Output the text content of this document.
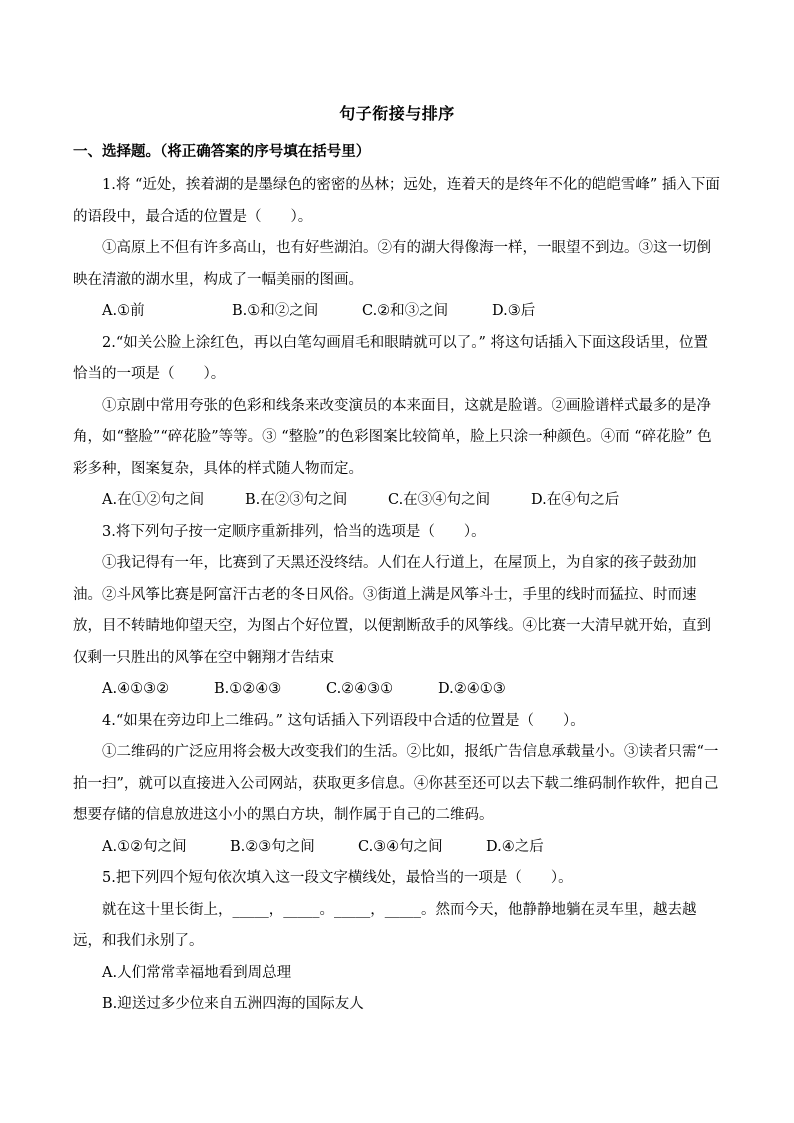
句子衔接与排序
一、选择题。（将正确答案的序号填在括号里）

1.将 “近处，挨着湖的是墨绿色的密密的丛林；远处，连着天的是终年不化的皑皑雪峰” 插入下面的语段中，最合适的位置是（　　）。

①高原上不但有许多高山，也有好些湖泊。②有的湖大得像海一样，一眼望不到边。③这一切倒映在清澈的湖水里，构成了一幅美丽的图画。

A.①前	B.①和②之间	C.②和③之间	D.③后

2.“如关公脸上涂红色，再以白笔勾画眉毛和眼睛就可以了。” 将这句话插入下面这段话里，位置恰当的一项是（　　）。

①京剧中常用夸张的色彩和线条来改变演员的本来面目，这就是脸谱。②画脸谱样式最多的是净角，如“整脸”“碎花脸”等等。③ “整脸”的色彩图案比较简单，脸上只涂一种颜色。④而 “碎花脸” 色彩多种，图案复杂，具体的样式随人物而定。

A.在①②句之间	B.在②③句之间	C.在③④句之间	D.在④句之后

3.将下列句子按一定顺序重新排列，恰当的选项是（　　）。

①我记得有一年，比赛到了天黑还没终结。人们在人行道上，在屋顶上，为自家的孩子鼓劲加油。②斗风筝比赛是阿富汗古老的冬日风俗。③街道上满是风筝斗士，手里的线时而猛拉、时而速放，目不转睛地仰望天空，为图占个好位置，以便割断敌手的风筝线。④比赛一大清早就开始，直到仅剩一只胜出的风筝在空中翱翔才告结束

A.④①③②	B.①②④③	C.②④③①	D.②④①③

4.“如果在旁边印上二维码。” 这句话插入下列语段中合适的位置是（　　）。

①二维码的广泛应用将会极大改变我们的生活。②比如，报纸广告信息承载量小。③读者只需“一拍一扫”，就可以直接进入公司网站，获取更多信息。④你甚至还可以去下载二维码制作软件，把自己想要存储的信息放进这小小的黑白方块，制作属于自己的二维码。

A.①②句之间	B.②③句之间	C.③④句之间	D.④之后

5.把下列四个短句依次填入这一段文字横线处，最恰当的一项是（　　）。

就在这十里长街上，_____，_____。_____，_____。然而今天，他静静地躺在灵车里，越去越远，和我们永别了。

A.人们常常幸福地看到周总理

B.迎送过多少位来自五洲四海的国际友人
